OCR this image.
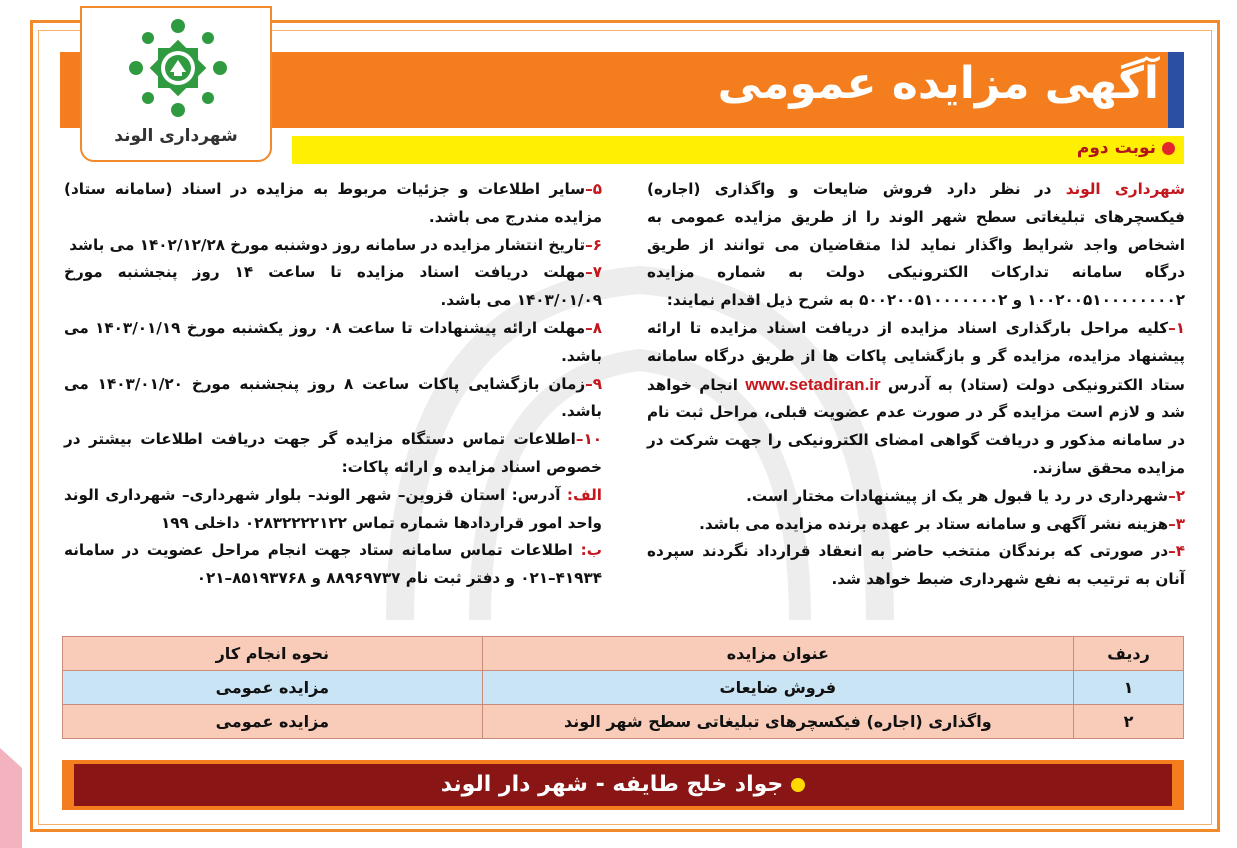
آگهی مزایده عمومی
شهرداری الوند
نوبت دوم

شهرداری الوند در نظر دارد فروش ضایعات و واگذاری (اجاره) فیکسچرهای تبلیغاتی سطح شهر الوند را از طریق مزایده عمومی به اشخاص واجد شرایط واگذار نماید لذا متقاضیان می توانند از طریق درگاه سامانه تدارکات الکترونیکی دولت به شماره مزایده ۱۰۰۲۰۰۵۱۰۰۰۰۰۰۰۰۲ و ۵۰۰۲۰۰۵۱۰۰۰۰۰۰۰۲ به شرح ذیل اقدام نمایند:

۱–کلیه مراحل بارگذاری اسناد مزایده از دریافت اسناد مزایده تا ارائه پیشنهاد مزایده، مزایده گر و بازگشایی پاکات ها از طریق درگاه سامانه ستاد الکترونیکی دولت (ستاد) به آدرس www.setadiran.ir انجام خواهد شد و لازم است مزایده گر در صورت عدم عضویت قبلی، مراحل ثبت نام در سامانه مذکور و دریافت گواهی امضای الکترونیکی را جهت شرکت در مزایده محقق سازند.

۲–شهرداری در رد یا قبول هر یک از پیشنهادات مختار است.

۳–هزینه نشر آگهی و سامانه ستاد بر عهده برنده مزایده می باشد.

۴–در صورتی که برندگان منتخب حاضر به انعقاد قرارداد نگردند سپرده آنان به ترتیب به نفع شهرداری ضبط خواهد شد.

۵–سایر اطلاعات و جزئیات مربوط به مزایده در اسناد (سامانه ستاد) مزایده مندرج می باشد.

۶–تاریخ انتشار مزایده در سامانه روز دوشنبه مورخ ۱۴۰۲/۱۲/۲۸ می باشد

۷–مهلت دریافت اسناد مزایده تا ساعت ۱۴ روز پنجشنبه مورخ ۱۴۰۳/۰۱/۰۹ می باشد.

۸–مهلت ارائه پیشنهادات تا ساعت ۰۸ روز یکشنبه مورخ ۱۴۰۳/۰۱/۱۹ می باشد.

۹–زمان بازگشایی پاکات ساعت ۸ روز پنجشنبه مورخ ۱۴۰۳/۰۱/۲۰ می باشد.

۱۰–اطلاعات تماس دستگاه مزایده گر جهت دریافت اطلاعات بیشتر در خصوص اسناد مزایده و ارائه پاکات:

الف: آدرس: استان قزوین– شهر الوند– بلوار شهرداری– شهرداری الوند واحد امور قراردادها شماره تماس ۰۲۸۳۲۲۲۲۱۲۲ داخلی ۱۹۹

ب: اطلاعات تماس سامانه ستاد جهت انجام مراحل عضویت در سامانه ۴۱۹۳۴–۰۲۱ و دفتر ثبت نام ۸۸۹۶۹۷۳۷ و ۸۵۱۹۳۷۶۸–۰۲۱

ردیف	عنوان مزایده	نحوه انجام کار
۱	فروش ضایعات	مزایده عمومی
۲	واگذاری (اجاره) فیکسچرهای تبلیغاتی سطح شهر الوند	مزایده عمومی
جواد خلج طایفه - شهر دار الوند
